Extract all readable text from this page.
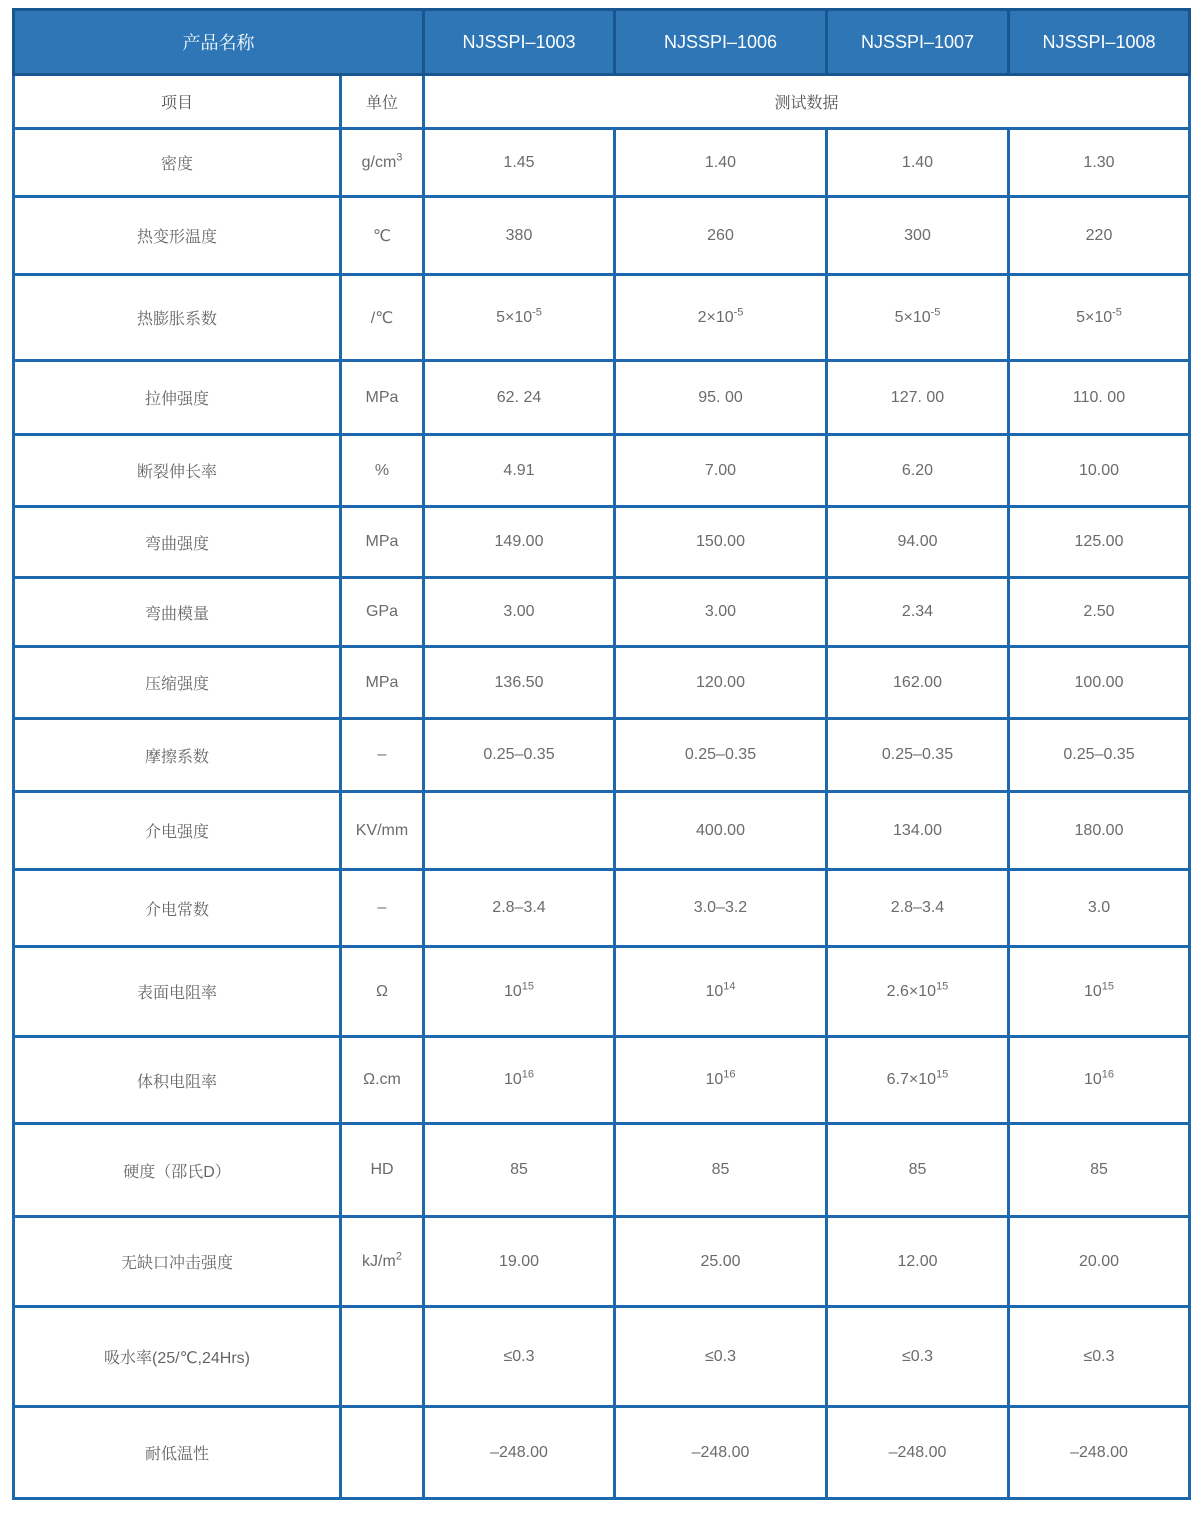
产品名称		NJSSPI–1003	NJSSPI–1006	NJSSPI–1007	NJSSPI–1008
项目	单位	测试数据			
密度	$g/cm^3$	1.45	1.40	1.40	1.30
热变形温度	℃	380	260	300	220
热膨胀系数	/℃	$5\times 10^{-5}$	$2\times 10^{-5}$	$5\times 10^{-5}$	$5\times 10^{-5}$
拉伸强度	MPa	62. 24	95. 00	127. 00	110. 00
断裂伸长率	%	4.91	7.00	6.20	10.00
弯曲强度	MPa	149.00	150.00	94.00	125.00
弯曲模量	GPa	3.00	3.00	2.34	2.50
压缩强度	MPa	136.50	120.00	162.00	100.00
摩擦系数	–	0.25–0.35	0.25–0.35	0.25–0.35	0.25–0.35
介电强度	KV/mm		400.00	134.00	180.00
介电常数	–	2.8–3.4	3.0–3.2	2.8–3.4	3.0
表面电阻率	Ω	$10^{15}$	$10^{14}$	$2.6\times 10^{15}$	$10^{15}$
体积电阻率	Ω.cm	$10^{16}$	$10^{16}$	$6.7\times 10^{15}$	$10^{16}$
硬度（邵氏D）	HD	85	85	85	85
无缺口冲击强度	$kJ/m^2$	19.00	25.00	12.00	20.00
吸水率(25/℃,24Hrs)		≤0.3	≤0.3	≤0.3	≤0.3
耐低温性		–248.00	–248.00	–248.00	–248.00
